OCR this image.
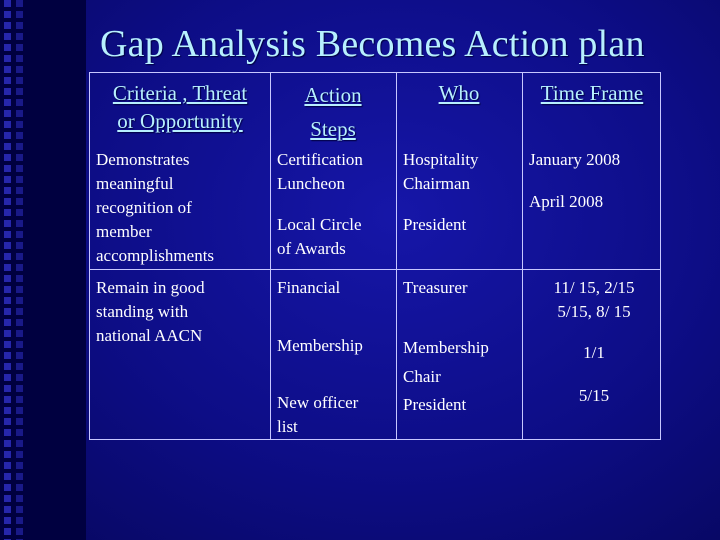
Gap Analysis Becomes Action plan
Criteria , Threat
or Opportunity
Action
Steps
Who	Time Frame
Demonstrates
meaningful
recognition of
member
accomplishments
Certification
Luncheon
Local Circle
of Awards
Hospitality
Chairman
President
January 2008
April 2008
Remain in good
standing with
national AACN
Financial
Membership
New officer
list
Treasurer
Membership
Chair
President
11/ 15, 2/15
5/15, 8/ 15
1/1
5/15
